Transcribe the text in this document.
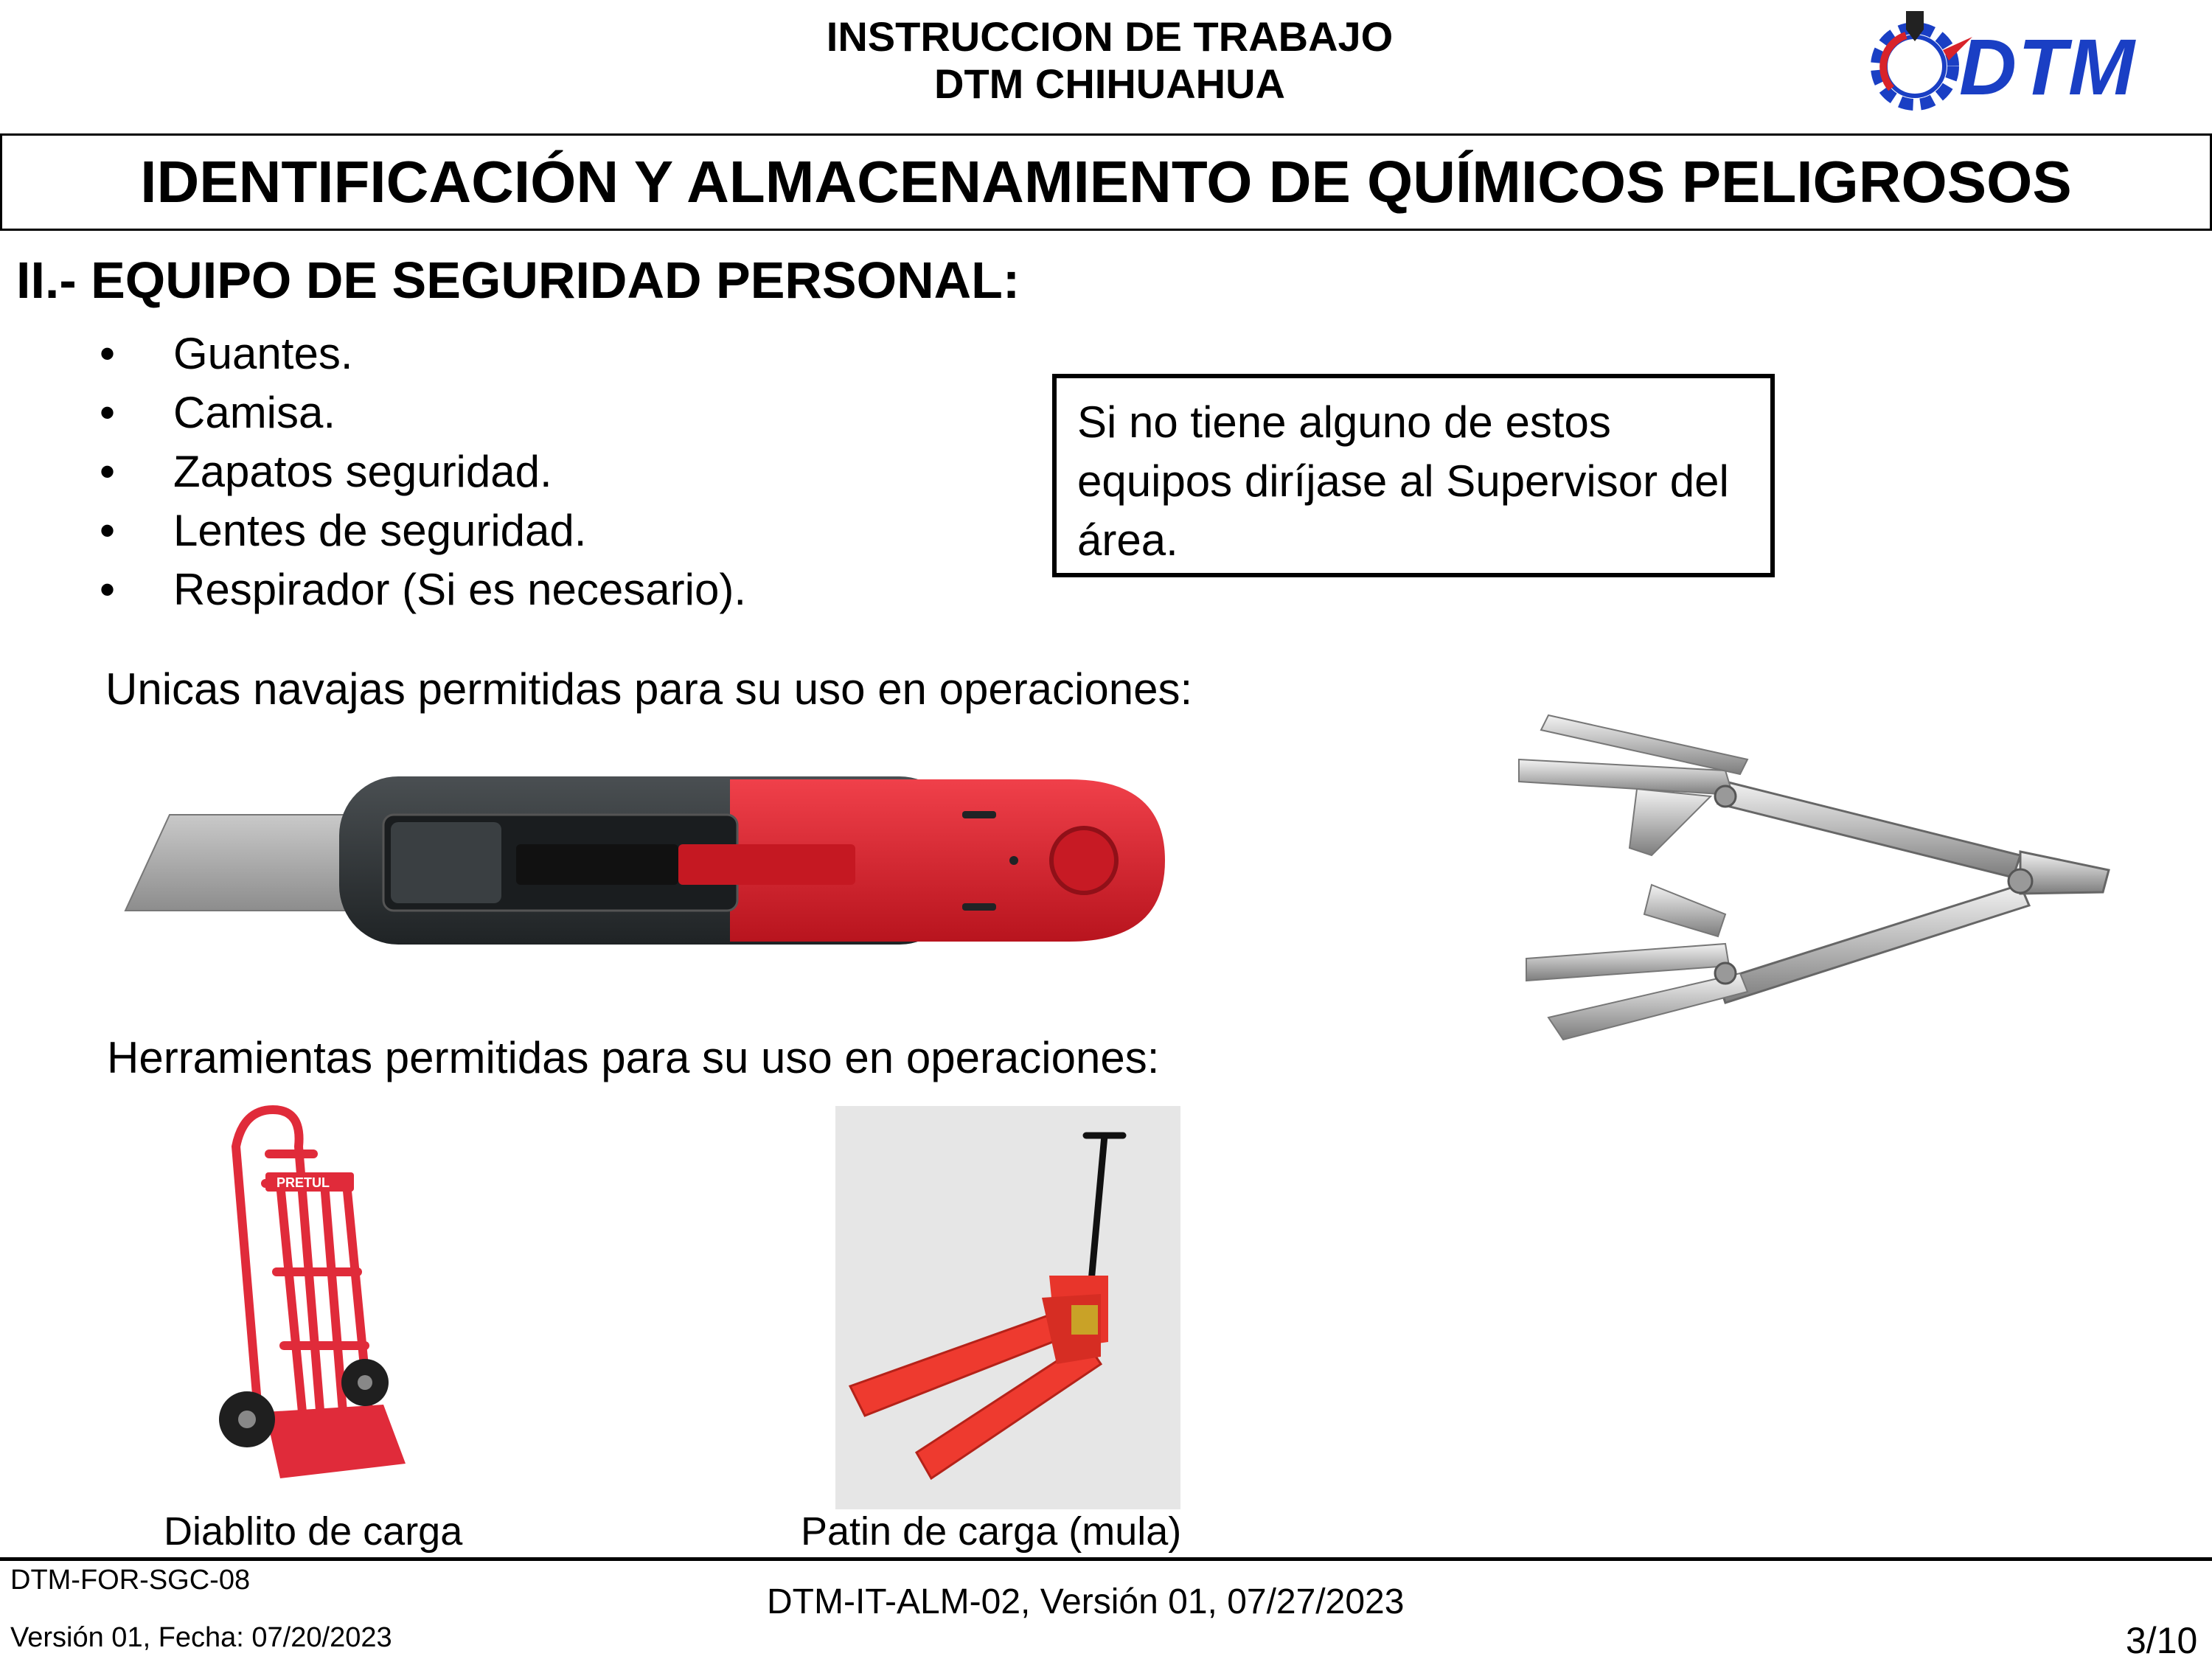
INSTRUCCION DE TRABAJO
DTM CHIHUAHUA	DTM
IDENTIFICACIÓN Y ALMACENAMIENTO DE QUÍMICOS PELIGROSOS
II.- EQUIPO DE SEGURIDAD PERSONAL:
• Guantes.
• Camisa.
• Zapatos seguridad.
• Lentes de seguridad.
• Respirador (Si es necesario).
Si no tiene alguno de estos equipos diríjase al Supervisor del área.
Unicas navajas permitidas para su uso en operaciones:
Herramientas permitidas para su uso en operaciones:
PRETUL
Diablito de carga	Patin de carga (mula)
DTM-FOR-SGC-08
Versión 01, Fecha: 07/20/2023
DTM-IT-ALM-02, Versión 01, 07/27/2023
3/10
